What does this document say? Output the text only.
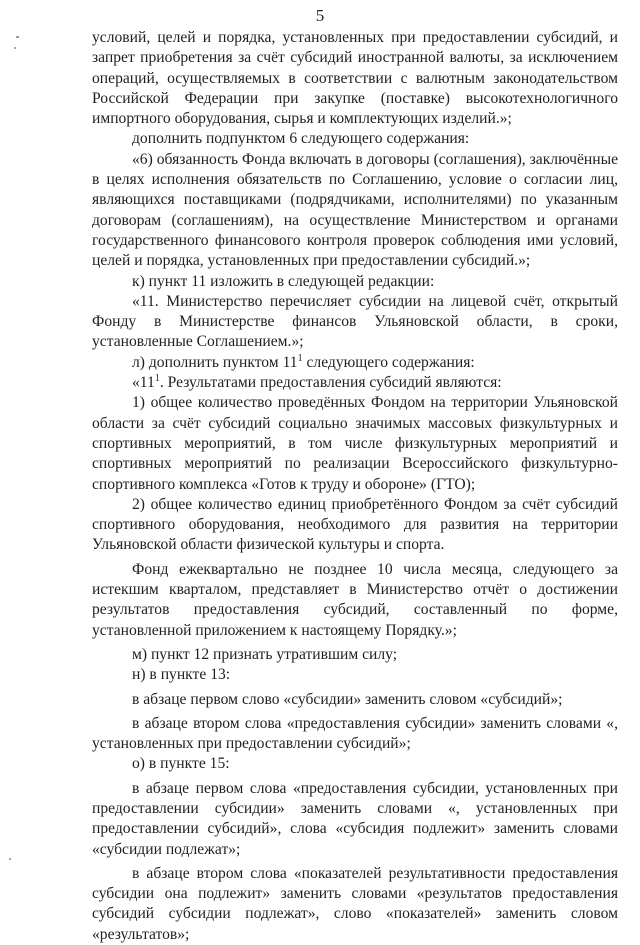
5

условий, целей и порядка, установленных при предоставлении субсидий, и запрет приобретения за счёт субсидий иностранной валюты, за исключением операций, осуществляемых в соответствии с валютным законодательством Российской Федерации при закупке (поставке) высокотехнологичного импортного оборудования, сырья и комплектующих изделий.»;

дополнить подпунктом 6 следующего содержания:

«6) обязанность Фонда включать в договоры (соглашения), заключённые в целях исполнения обязательств по Соглашению, условие о согласии лиц, являющихся поставщиками (подрядчиками, исполнителями) по указанным договорам (соглашениям), на осуществление Министерством и органами государственного финансового контроля проверок соблюдения ими условий, целей и порядка, установленных при предоставлении субсидий.»;

к) пункт 11 изложить в следующей редакции:

«11. Министерство перечисляет субсидии на лицевой счёт, открытый Фонду в Министерстве финансов Ульяновской области, в сроки, установленные Соглашением.»;

л) дополнить пунктом $11^1$ следующего содержания:

«$11^1$. Результатами предоставления субсидий являются:

1) общее количество проведённых Фондом на территории Ульяновской области за счёт субсидий социально значимых массовых физкультурных и спортивных мероприятий, в том числе физкультурных мероприятий и спортивных мероприятий по реализации Всероссийского физкультурно-спортивного комплекса «Готов к труду и обороне» (ГТО);

2) общее количество единиц приобретённого Фондом за счёт субсидий спортивного оборудования, необходимого для развития на территории Ульяновской области физической культуры и спорта.

Фонд ежеквартально не позднее 10 числа месяца, следующего за истекшим кварталом, представляет в Министерство отчёт о достижении результатов предоставления субсидий, составленный по форме, установленной приложением к настоящему Порядку.»;

м) пункт 12 признать утратившим силу;

н) в пункте 13:

в абзаце первом слово «субсидии» заменить словом «субсидий»;

в абзаце втором слова «предоставления субсидии» заменить словами «, установленных при предоставлении субсидий»;

о) в пункте 15:

в абзаце первом слова «предоставления субсидии, установленных при предоставлении субсидии» заменить словами «, установленных при предоставлении субсидий», слова «субсидия подлежит» заменить словами «субсидии подлежат»;

в абзаце втором слова «показателей результативности предоставления субсидии она подлежит» заменить словами «результатов предоставления субсидий субсидии подлежат», слово «показателей» заменить словом «результатов»;
